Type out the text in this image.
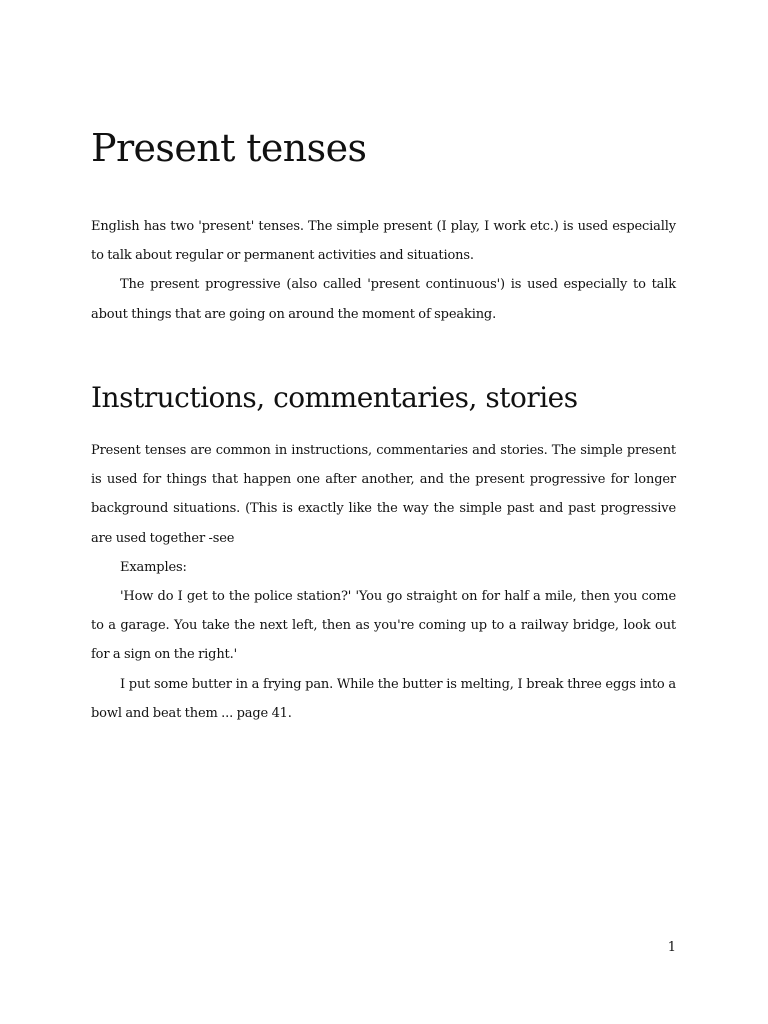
Present tenses

English has two 'present' tenses. The simple present (I play, I work etc.) is used especially to talk about regular or permanent activities and situations.

The present progressive (also called 'present continuous') is used especially to talk about things that are going on around the moment of speaking.

Instructions, commentaries, stories

Present tenses are common in instructions, commentaries and stories. The simple present is used for things that happen one after another, and the present progressive for longer background situations. (This is exactly like the way the simple past and past progressive are used together -see

Examples:

'How do I get to the police station?' 'You go straight on for half a mile, then you come to a garage. You take the next left, then as you're coming up to a railway bridge, look out for a sign on the right.'

I put some butter in a frying pan. While the butter is melting, I break three eggs into a bowl and beat them ... page 41.

1
